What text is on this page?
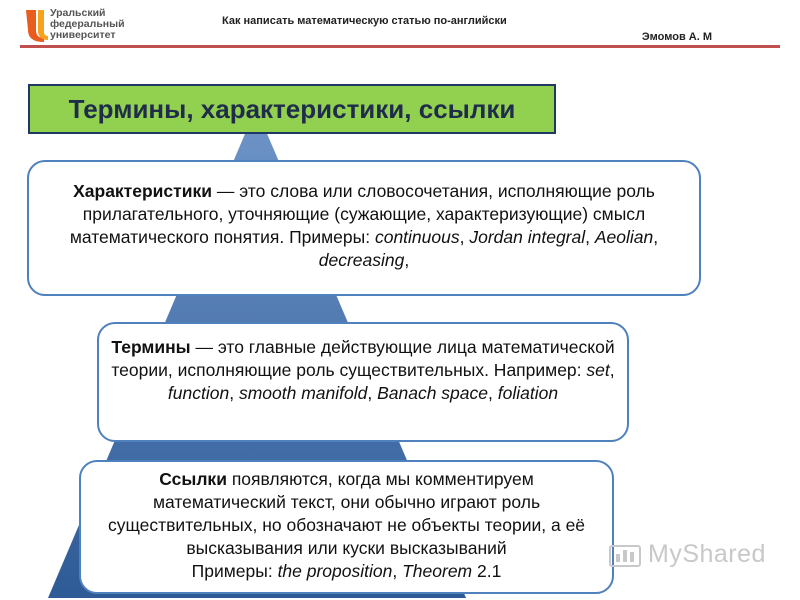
Уральский
федеральный
университет
Как написать математическую статью по-английски
Эмомов А. М
Термины, характеристики, ссылки
Характеристики — это слова или словосочетания, исполняющие роль прилагательного, уточняющие (сужающие, характеризующие) смысл математического понятия. Примеры: continuous, Jordan integral, Aeolian, decreasing,
Термины — это главные действующие лица математической теории, исполняющие роль существительных. Например: set, function, smooth manifold, Banach space, foliation
Ссылки появляются, когда мы комментируем математический текст, они обычно играют роль существительных, но обозначают не объекты теории, а её высказывания или куски высказываний
Примеры: the proposition, Theorem 2.1
MyShared
